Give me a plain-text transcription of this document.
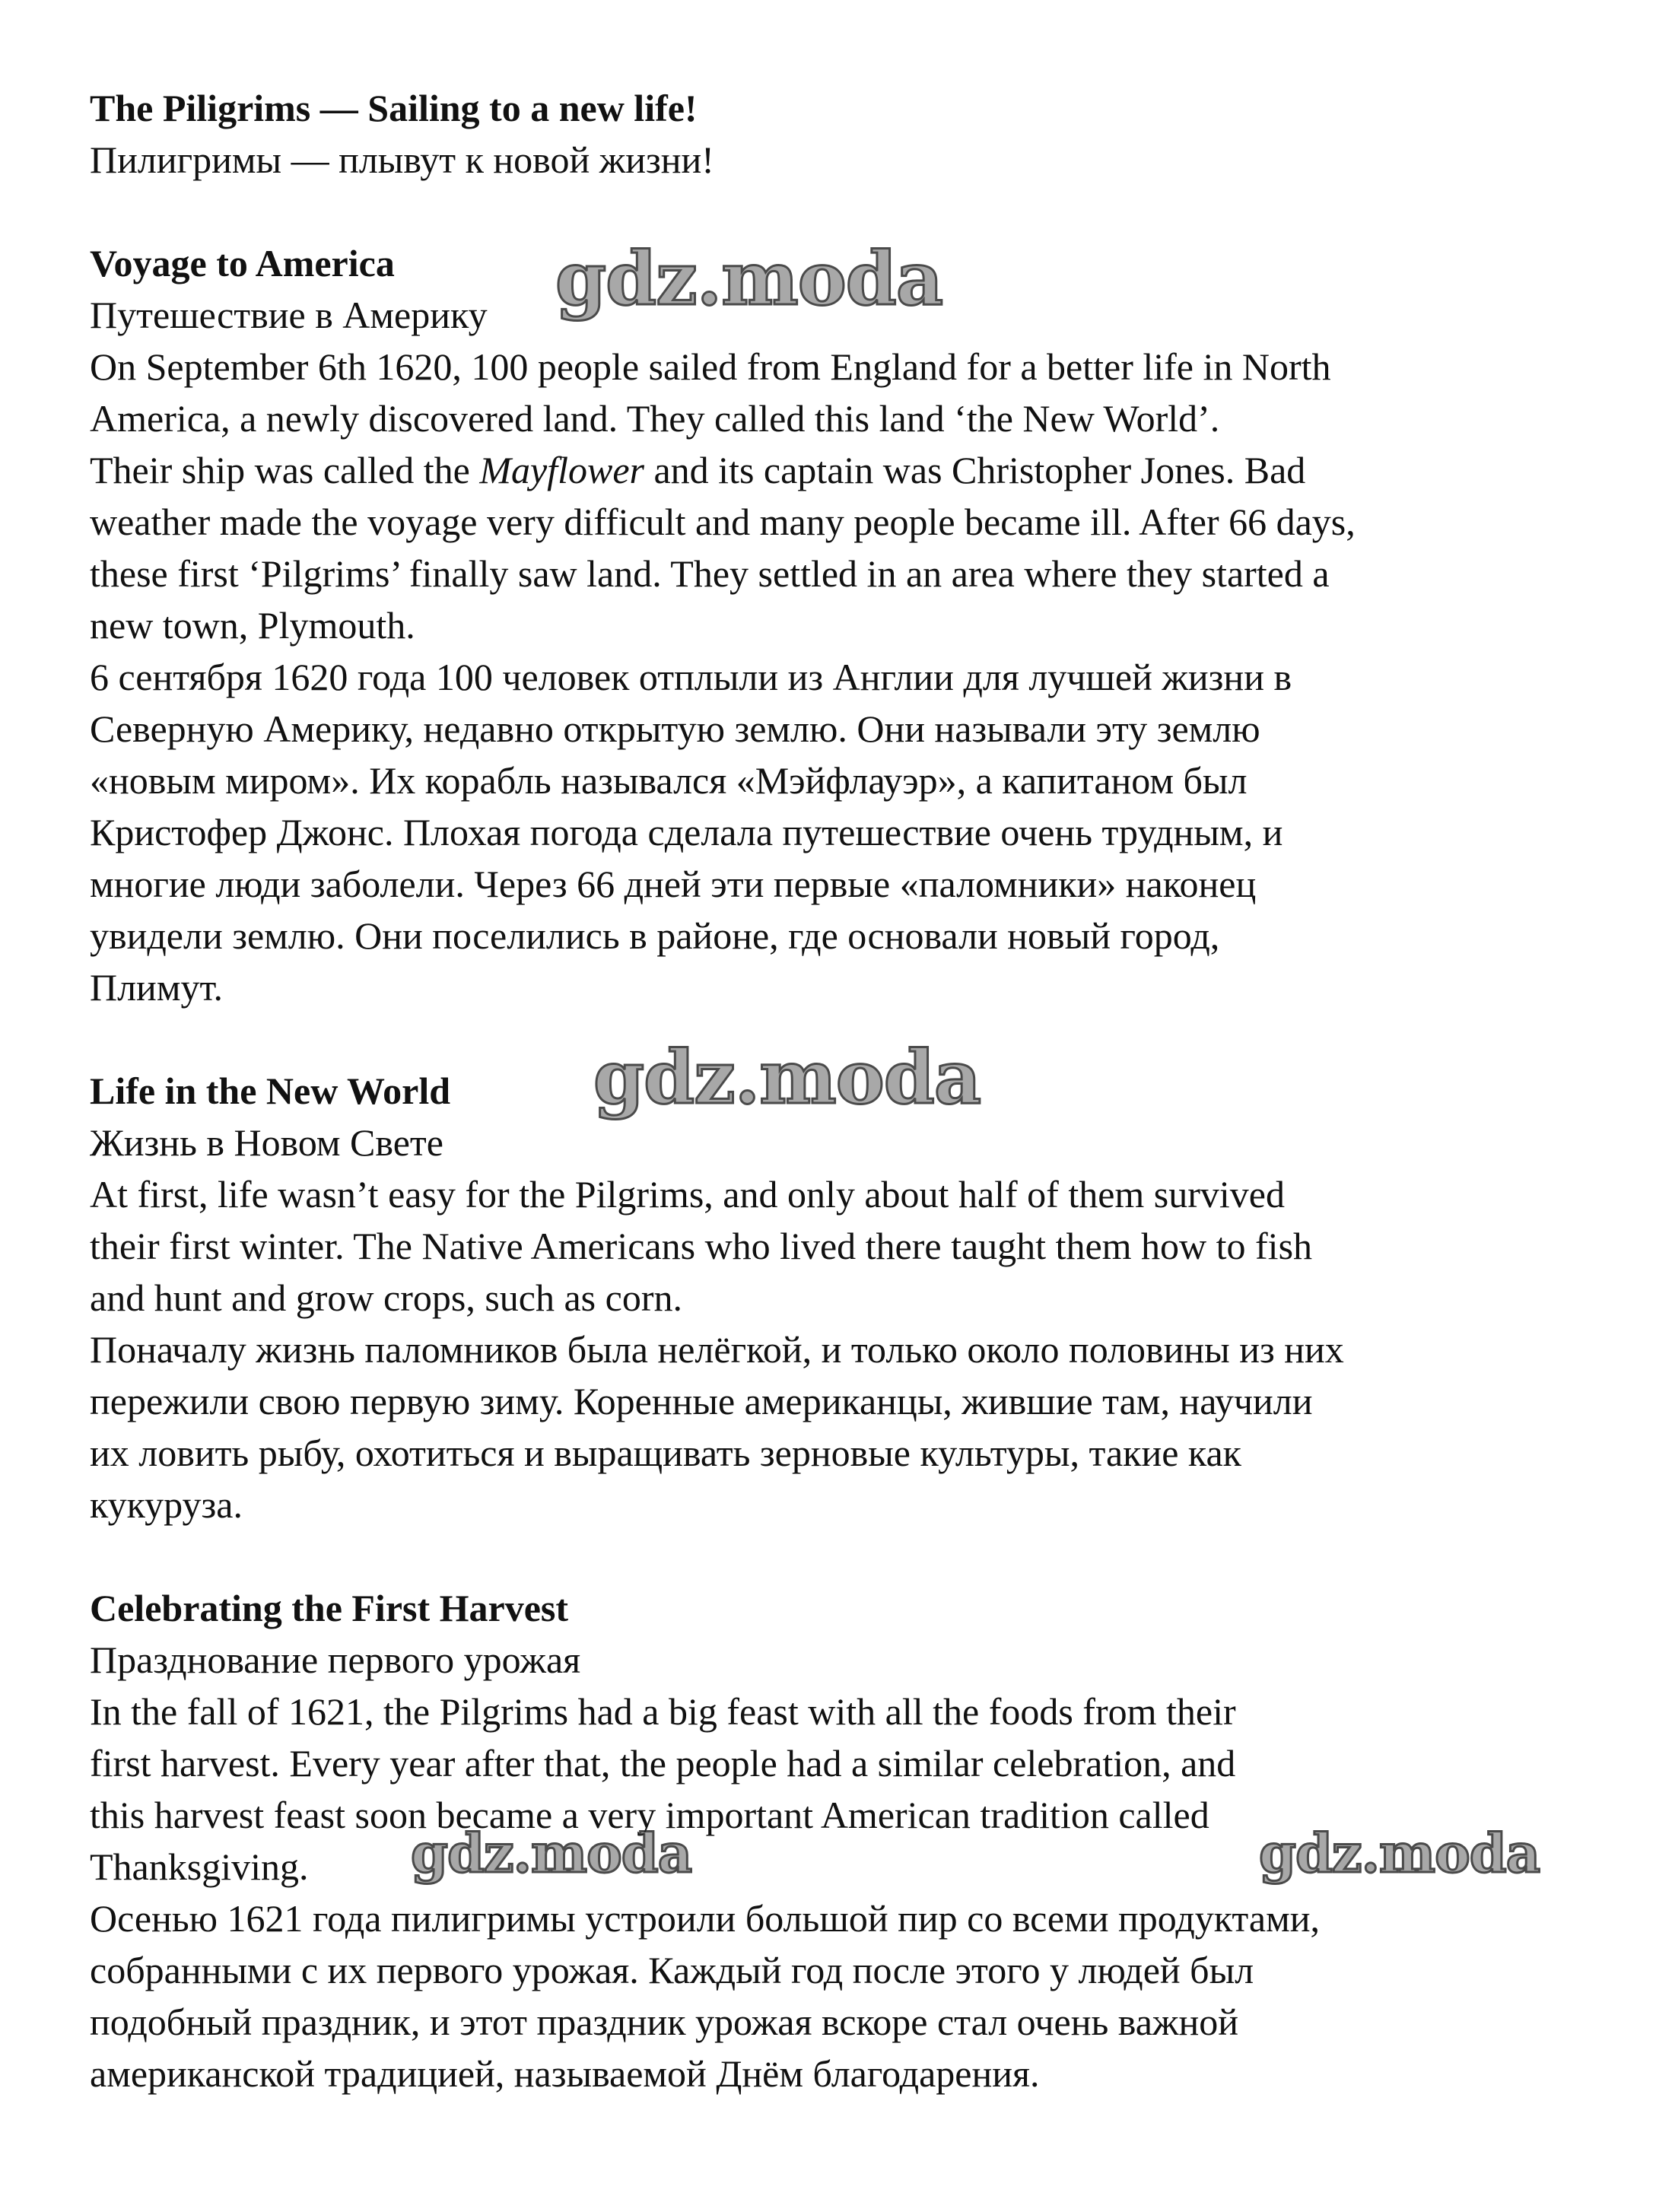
The Piligrims — Sailing to a new life!
Пилигримы — плывут к новой жизни!
Voyage to America
Путешествие в Америку
On September 6th 1620, 100 people sailed from England for a better life in North
America, a newly discovered land. They called this land ‘the New World’.
Their ship was called the Mayflower and its captain was Christopher Jones. Bad
weather made the voyage very difficult and many people became ill. After 66 days,
these first ‘Pilgrims’ finally saw land. They settled in an area where they started a
new town, Plymouth.
6 сентября 1620 года 100 человек отплыли из Англии для лучшей жизни в
Северную Америку, недавно открытую землю. Они называли эту землю
«новым миром». Их корабль назывался «Мэйфлауэр», а капитаном был
Кристофер Джонс. Плохая погода сделала путешествие очень трудным, и
многие люди заболели. Через 66 дней эти первые «паломники» наконец
увидели землю. Они поселились в районе, где основали новый город,
Плимут.
Life in the New World
Жизнь в Новом Свете
At first, life wasn’t easy for the Pilgrims, and only about half of them survived
their first winter. The Native Americans who lived there taught them how to fish
and hunt and grow crops, such as corn.
Поначалу жизнь паломников была нелёгкой, и только около половины из них
пережили свою первую зиму. Коренные американцы, жившие там, научили
их ловить рыбу, охотиться и выращивать зерновые культуры, такие как
кукуруза.
Celebrating the First Harvest
Празднование первого урожая
In the fall of 1621, the Pilgrims had a big feast with all the foods from their
first harvest. Every year after that, the people had a similar celebration, and
this harvest feast soon became a very important American tradition called
Thanksgiving.
Осенью 1621 года пилигримы устроили большой пир со всеми продуктами,
собранными с их первого урожая. Каждый год после этого у людей был
подобный праздник, и этот праздник урожая вскоре стал очень важной
американской традицией, называемой Днём благодарения.
gdz.moda
gdz.moda
gdz.moda	gdz.moda
